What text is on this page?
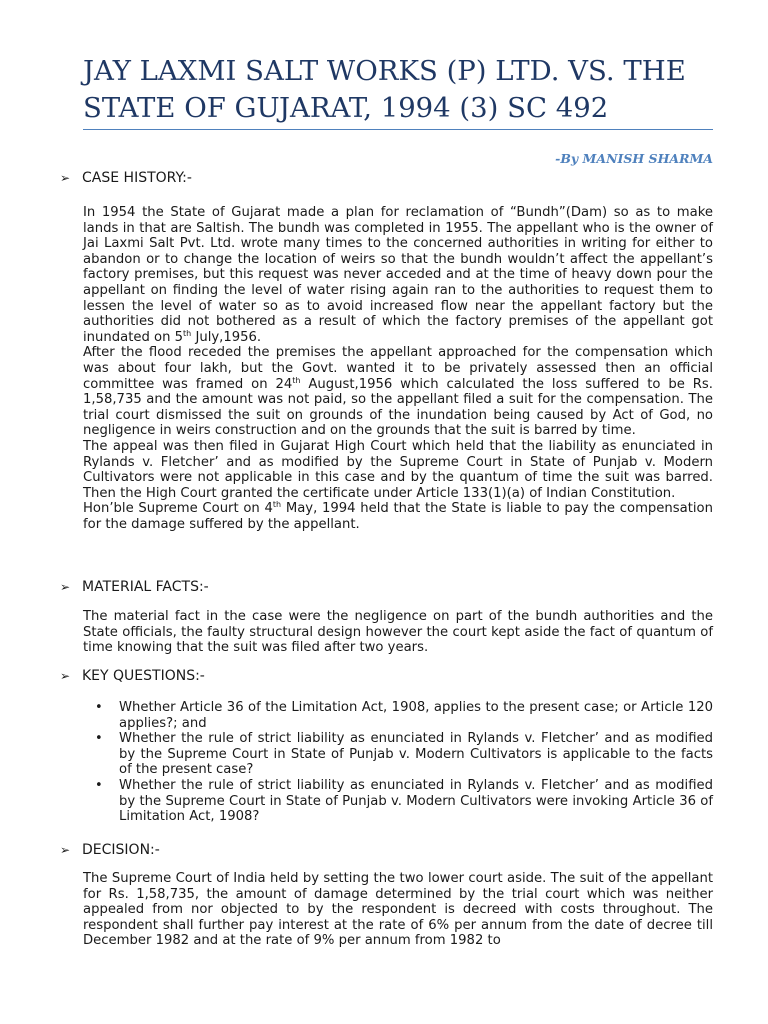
JAY LAXMI SALT WORKS (P) LTD. VS. THE STATE OF GUJARAT, 1994 (3) SC 492
-By MANISH SHARMA
➢ CASE HISTORY:-

In 1954 the State of Gujarat made a plan for reclamation of “Bundh”(Dam) so as to make lands in that are Saltish. The bundh was completed in 1955. The appellant who is the owner of Jai Laxmi Salt Pvt. Ltd. wrote many times to the concerned authorities in writing for either to abandon or to change the location of weirs so that the bundh wouldn’t affect the appellant’s factory premises, but this request was never acceded and at the time of heavy down pour the appellant on finding the level of water rising again ran to the authorities to request them to lessen the level of water so as to avoid increased flow near the appellant factory but the authorities did not bothered as a result of which the factory premises of the appellant got inundated on 5th July,1956.

After the flood receded the premises the appellant approached for the compensation which was about four lakh, but the Govt. wanted it to be privately assessed then an official committee was framed on 24th August,1956 which calculated the loss suffered to be Rs. 1,58,735 and the amount was not paid, so the appellant filed a suit for the compensation. The trial court dismissed the suit on grounds of the inundation being caused by Act of God, no negligence in weirs construction and on the grounds that the suit is barred by time.

The appeal was then filed in Gujarat High Court which held that the liability as enunciated in Rylands v. Fletcher’ and as modified by the Supreme Court in State of Punjab v. Modern Cultivators were not applicable in this case and by the quantum of time the suit was barred. Then the High Court granted the certificate under Article 133(1)(a) of Indian Constitution.

Hon’ble Supreme Court on 4th May, 1994 held that the State is liable to pay the compensation for the damage suffered by the appellant.

➢ MATERIAL FACTS:-

The material fact in the case were the negligence on part of the bundh authorities and the State officials, the faulty structural design however the court kept aside the fact of quantum of time knowing that the suit was filed after two years.

➢ KEY QUESTIONS:-
• Whether Article 36 of the Limitation Act, 1908, applies to the present case; or Article 120 applies?; and
• Whether the rule of strict liability as enunciated in Rylands v. Fletcher’ and as modified by the Supreme Court in State of Punjab v. Modern Cultivators is applicable to the facts of the present case?
• Whether the rule of strict liability as enunciated in Rylands v. Fletcher’ and as modified by the Supreme Court in State of Punjab v. Modern Cultivators were invoking Article 36 of Limitation Act, 1908?
➢ DECISION:-

The Supreme Court of India held by setting the two lower court aside. The suit of the appellant for Rs. 1,58,735, the amount of damage determined by the trial court which was neither appealed from nor objected to by the respondent is decreed with costs throughout. The respondent shall further pay interest at the rate of 6% per annum from the date of decree till December 1982 and at the rate of 9% per annum from 1982 to
